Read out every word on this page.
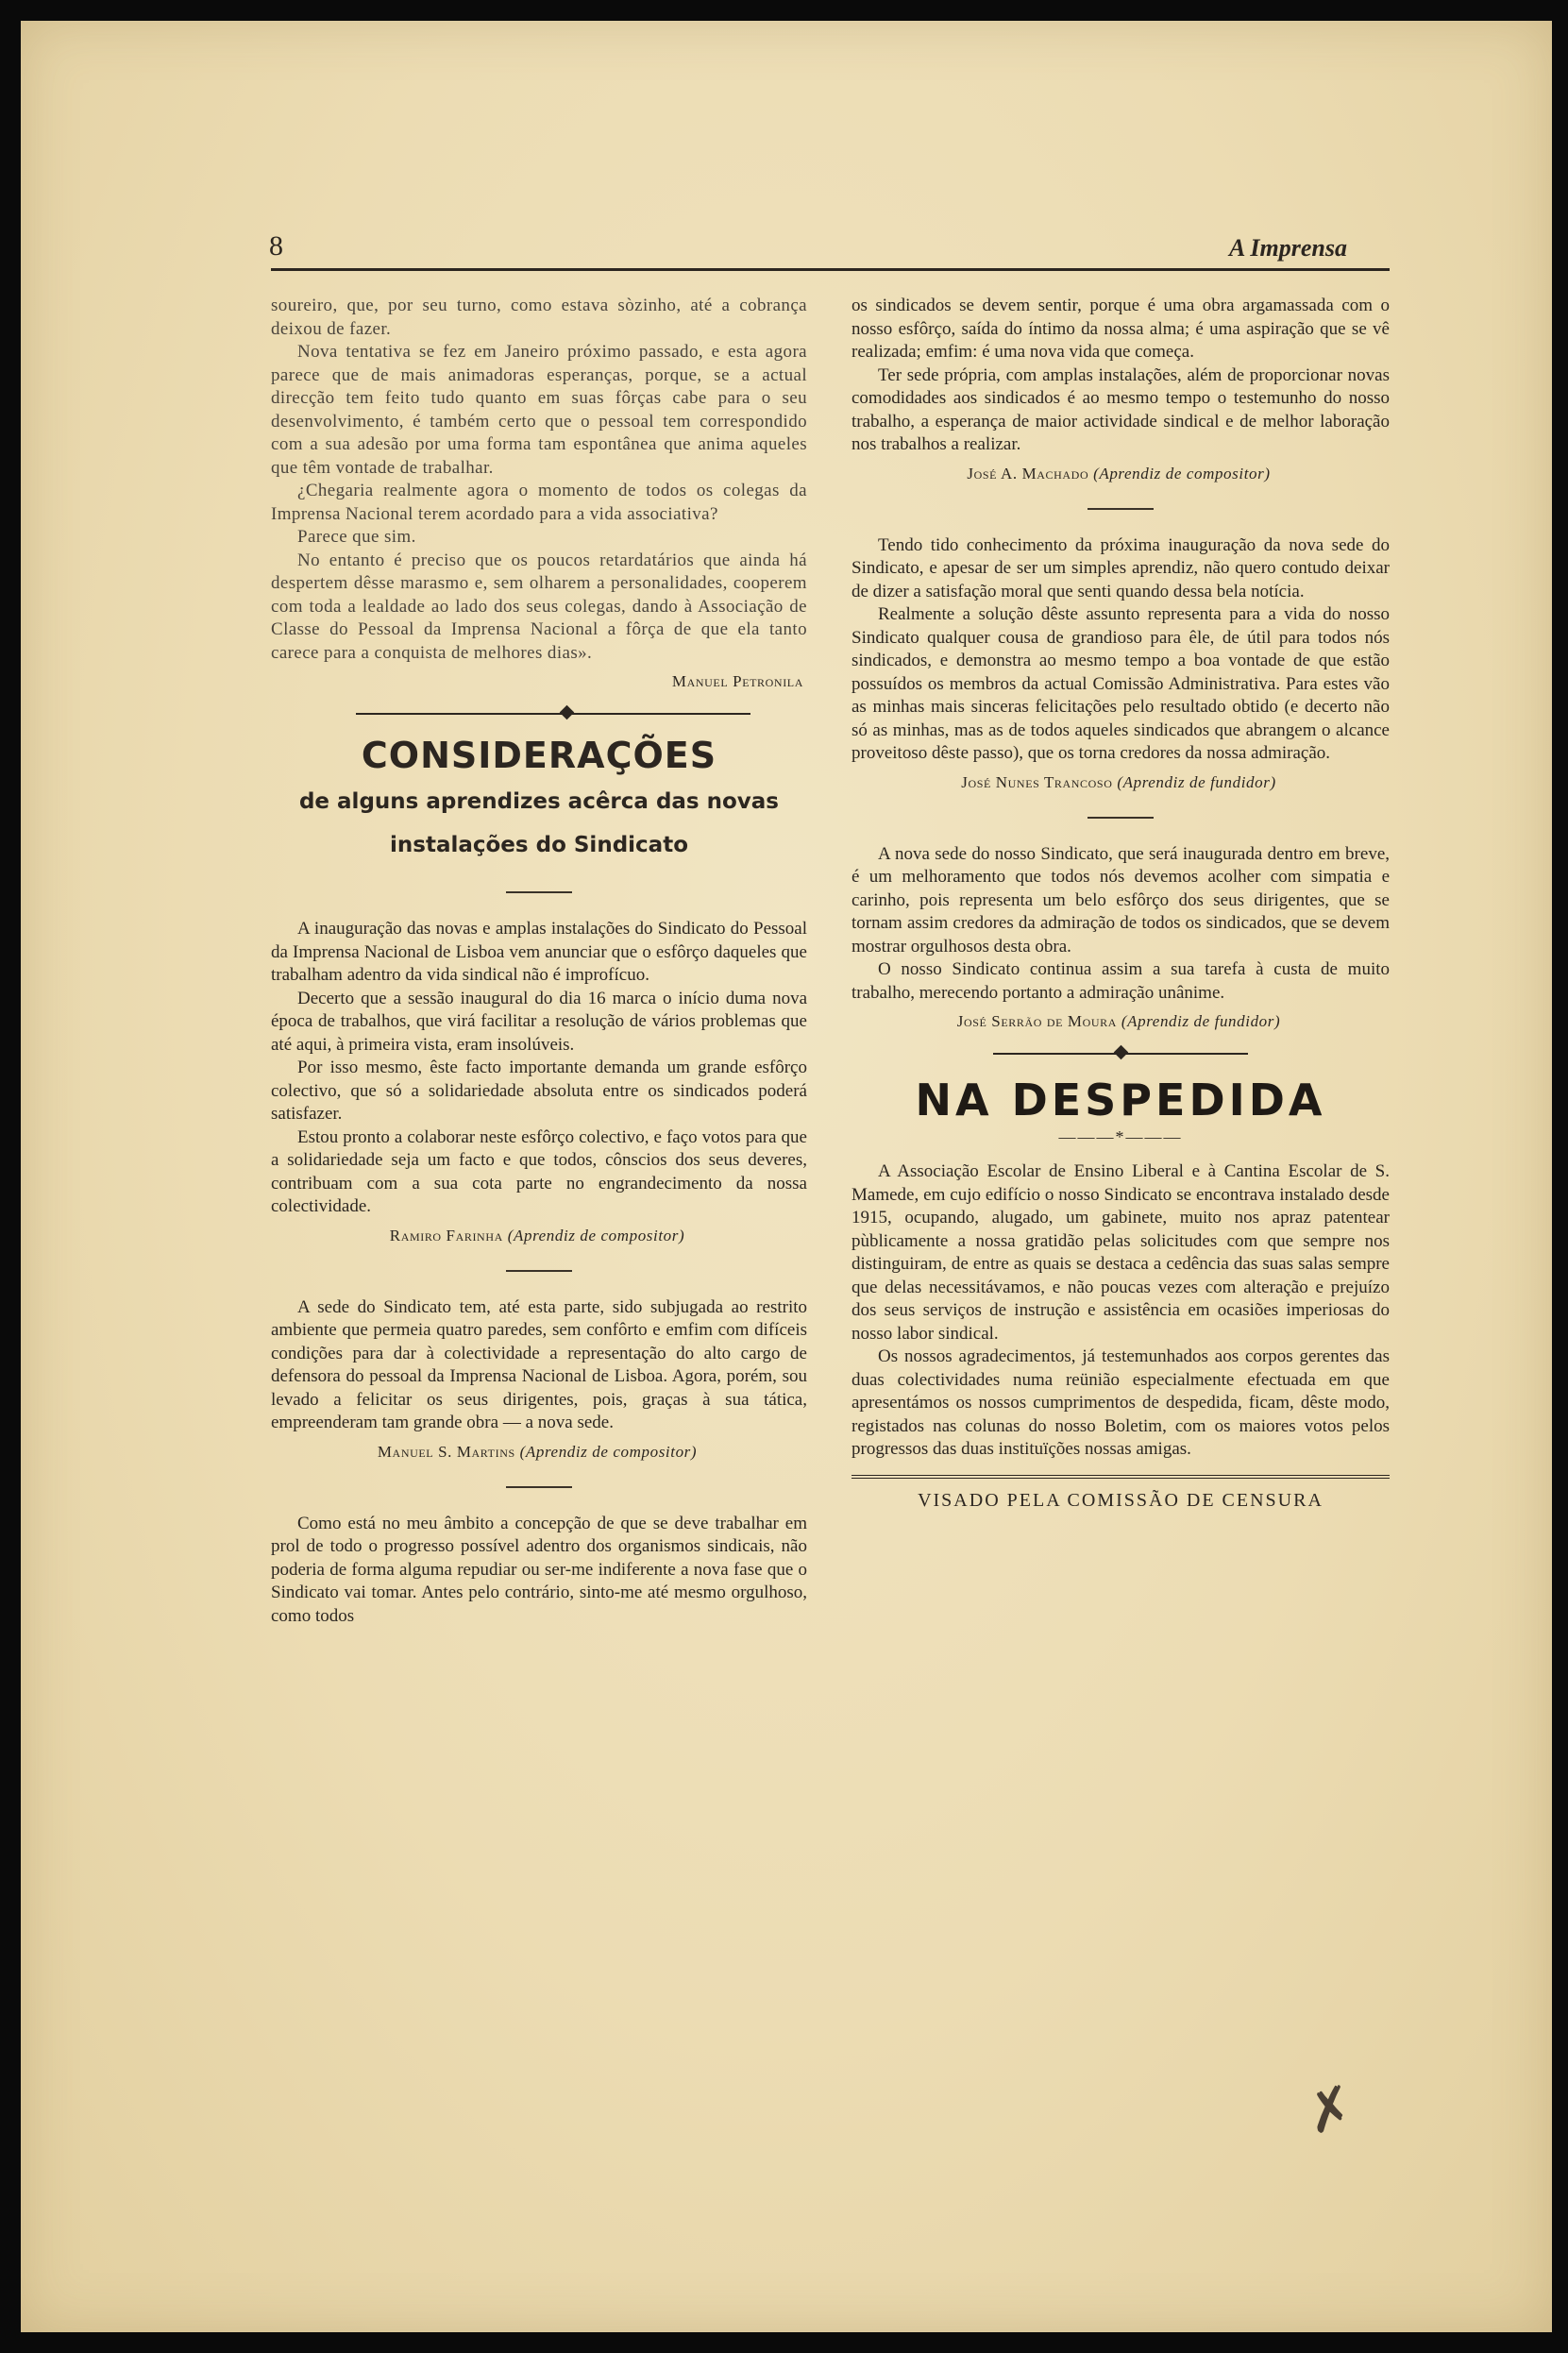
8	A Imprensa

soureiro, que, por seu turno, como estava sòzinho, até a cobrança deixou de fazer.

Nova tentativa se fez em Janeiro próximo passado, e esta agora parece que de mais animadoras esperanças, porque, se a actual direcção tem feito tudo quanto em suas fôrças cabe para o seu desenvolvimento, é também certo que o pessoal tem correspondido com a sua adesão por uma forma tam espontânea que anima aqueles que têm vontade de trabalhar.

¿Chegaria realmente agora o momento de todos os colegas da Imprensa Nacional terem acordado para a vida associativa?

Parece que sim.

No entanto é preciso que os poucos retardatários que ainda há despertem dêsse marasmo e, sem olharem a personalidades, cooperem com toda a lealdade ao lado dos seus colegas, dando à Associação de Classe do Pessoal da Imprensa Nacional a fôrça de que ela tanto carece para a conquista de melhores dias».

Manuel Petronila
CONSIDERAÇÕES
de alguns aprendizes acêrca das novas
instalações do Sindicato

A inauguração das novas e amplas instalações do Sindicato do Pessoal da Imprensa Nacional de Lisboa vem anunciar que o esfôrço daqueles que trabalham adentro da vida sindical não é improfícuo.

Decerto que a sessão inaugural do dia 16 marca o início duma nova época de trabalhos, que virá facilitar a resolução de vários problemas que até aqui, à primeira vista, eram insolúveis.

Por isso mesmo, êste facto importante demanda um grande esfôrço colectivo, que só a solidariedade absoluta entre os sindicados poderá satisfazer.

Estou pronto a colaborar neste esfôrço colectivo, e faço votos para que a solidariedade seja um facto e que todos, cônscios dos seus deveres, contribuam com a sua cota parte no engrandecimento da nossa colectividade.

Ramiro Farinha (Aprendiz de compositor)

A sede do Sindicato tem, até esta parte, sido subjugada ao restrito ambiente que permeia quatro paredes, sem confôrto e emfim com difíceis condições para dar à colectividade a representação do alto cargo de defensora do pessoal da Imprensa Nacional de Lisboa. Agora, porém, sou levado a felicitar os seus dirigentes, pois, graças à sua tática, empreenderam tam grande obra — a nova sede.

Manuel S. Martins (Aprendiz de compositor)

Como está no meu âmbito a concepção de que se deve trabalhar em prol de todo o progresso possível adentro dos organismos sindicais, não poderia de forma alguma repudiar ou ser-me indiferente a nova fase que o Sindicato vai tomar. Antes pelo contrário, sinto-me até mesmo orgulhoso, como todos

os sindicados se devem sentir, porque é uma obra argamassada com o nosso esfôrço, saída do íntimo da nossa alma; é uma aspiração que se vê realizada; emfim: é uma nova vida que começa.

Ter sede própria, com amplas instalações, além de proporcionar novas comodidades aos sindicados é ao mesmo tempo o testemunho do nosso trabalho, a esperança de maior actividade sindical e de melhor laboração nos trabalhos a realizar.

José A. Machado (Aprendiz de compositor)

Tendo tido conhecimento da próxima inauguração da nova sede do Sindicato, e apesar de ser um simples aprendiz, não quero contudo deixar de dizer a satisfação moral que senti quando dessa bela notícia.

Realmente a solução dêste assunto representa para a vida do nosso Sindicato qualquer cousa de grandioso para êle, de útil para todos nós sindicados, e demonstra ao mesmo tempo a boa vontade de que estão possuídos os membros da actual Comissão Administrativa. Para estes vão as minhas mais sinceras felicitações pelo resultado obtido (e decerto não só as minhas, mas as de todos aqueles sindicados que abrangem o alcance proveitoso dêste passo), que os torna credores da nossa admiração.

José Nunes Trancoso (Aprendiz de fundidor)

A nova sede do nosso Sindicato, que será inaugurada dentro em breve, é um melhoramento que todos nós devemos acolher com simpatia e carinho, pois representa um belo esfôrço dos seus dirigentes, que se tornam assim credores da admiração de todos os sindicados, que se devem mostrar orgulhosos desta obra.

O nosso Sindicato continua assim a sua tarefa à custa de muito trabalho, merecendo portanto a admiração unânime.

José Serrão de Moura (Aprendiz de fundidor)
NA DESPEDIDA
———*———

A Associação Escolar de Ensino Liberal e à Cantina Escolar de S. Mamede, em cujo edifício o nosso Sindicato se encontrava instalado desde 1915, ocupando, alugado, um gabinete, muito nos apraz patentear pùblicamente a nossa gratidão pelas solicitudes com que sempre nos distinguiram, de entre as quais se destaca a cedência das suas salas sempre que delas necessitávamos, e não poucas vezes com alteração e prejuízo dos seus serviços de instrução e assistência em ocasiões imperiosas do nosso labor sindical.

Os nossos agradecimentos, já testemunhados aos corpos gerentes das duas colectividades numa reünião especialmente efectuada em que apresentámos os nossos cumprimentos de despedida, ficam, dêste modo, registados nas colunas do nosso Boletim, com os maiores votos pelos progressos das duas instituïções nossas amigas.

VISADO PELA COMISSÃO DE CENSURA
✗
